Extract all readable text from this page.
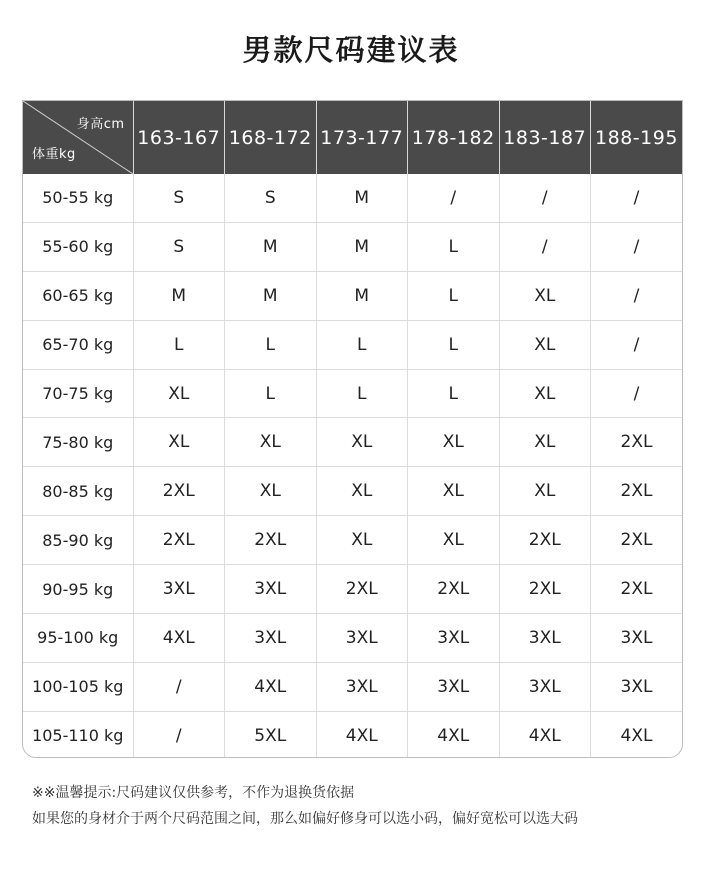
男款尺码建议表
身高cm
体重kg	163-167	168-172	173-177	178-182	183-187	188-195
50-55 kg	S	S	M	/	/	/
55-60 kg	S	M	M	L	/	/
60-65 kg	M	M	M	L	XL	/
65-70 kg	L	L	L	L	XL	/
70-75 kg	XL	L	L	L	XL	/
75-80 kg	XL	XL	XL	XL	XL	2XL
80-85 kg	2XL	XL	XL	XL	XL	2XL
85-90 kg	2XL	2XL	XL	XL	2XL	2XL
90-95 kg	3XL	3XL	2XL	2XL	2XL	2XL
95-100 kg	4XL	3XL	3XL	3XL	3XL	3XL
100-105 kg	/	4XL	3XL	3XL	3XL	3XL
105-110 kg	/	5XL	4XL	4XL	4XL	4XL
※※温馨提示:尺码建议仅供参考，不作为退换货依据
如果您的身材介于两个尺码范围之间，那么如偏好修身可以选小码，偏好宽松可以选大码
